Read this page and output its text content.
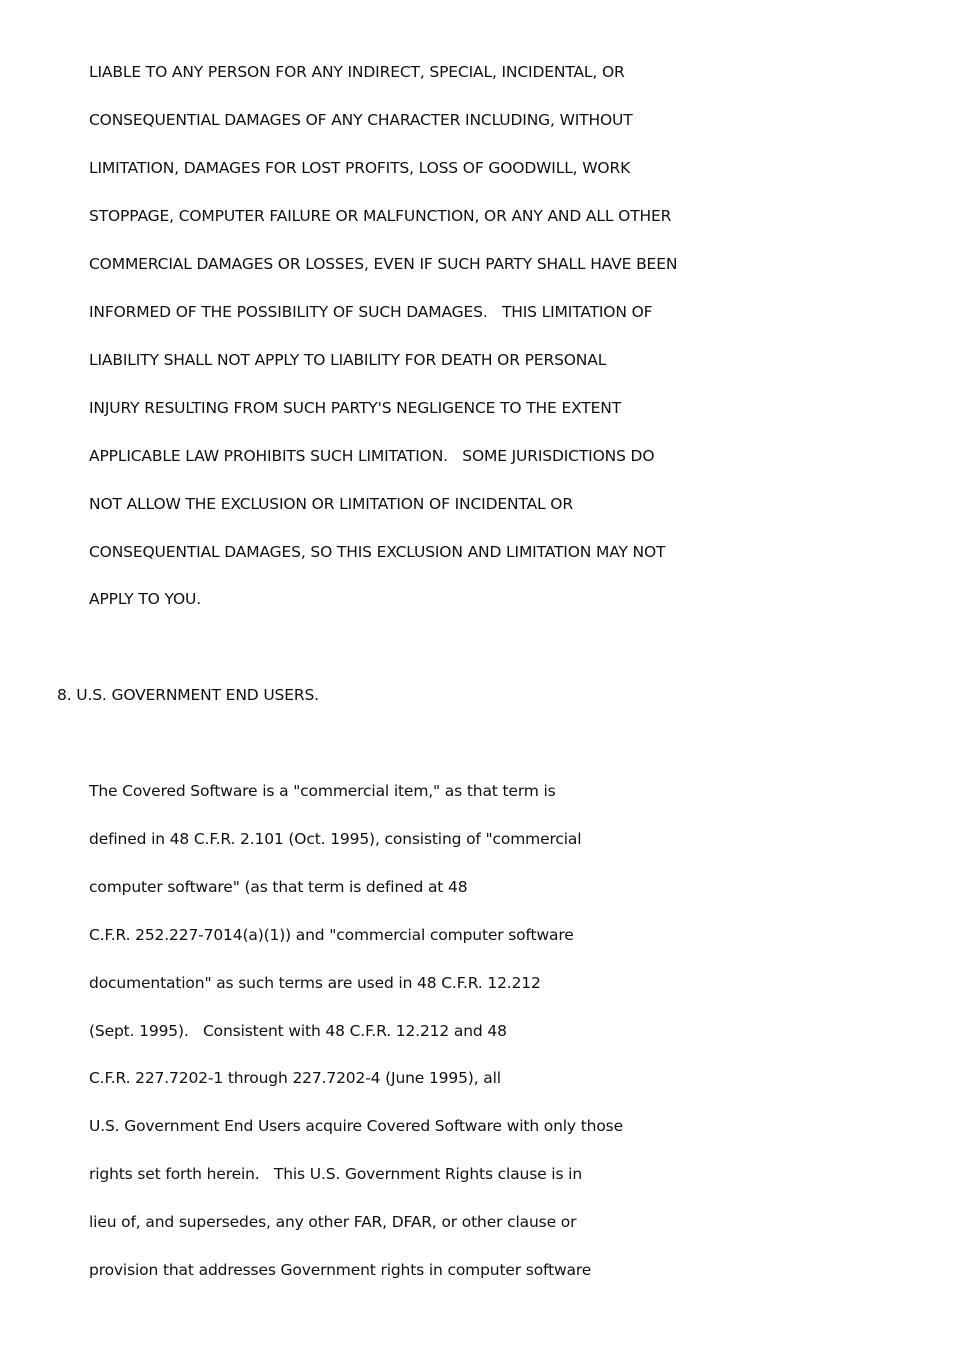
LIABLE TO ANY PERSON FOR ANY INDIRECT, SPECIAL, INCIDENTAL, OR
CONSEQUENTIAL DAMAGES OF ANY CHARACTER INCLUDING, WITHOUT
LIMITATION, DAMAGES FOR LOST PROFITS, LOSS OF GOODWILL, WORK
STOPPAGE, COMPUTER FAILURE OR MALFUNCTION, OR ANY AND ALL OTHER
COMMERCIAL DAMAGES OR LOSSES, EVEN IF SUCH PARTY SHALL HAVE BEEN
INFORMED OF THE POSSIBILITY OF SUCH DAMAGES.   THIS LIMITATION OF
LIABILITY SHALL NOT APPLY TO LIABILITY FOR DEATH OR PERSONAL
INJURY RESULTING FROM SUCH PARTY'S NEGLIGENCE TO THE EXTENT
APPLICABLE LAW PROHIBITS SUCH LIMITATION.   SOME JURISDICTIONS DO
NOT ALLOW THE EXCLUSION OR LIMITATION OF INCIDENTAL OR
CONSEQUENTIAL DAMAGES, SO THIS EXCLUSION AND LIMITATION MAY NOT
APPLY TO YOU.
8. U.S. GOVERNMENT END USERS.
The Covered Software is a "commercial item," as that term is
defined in 48 C.F.R. 2.101 (Oct. 1995), consisting of "commercial
computer software" (as that term is defined at 48
C.F.R. 252.227-7014(a)(1)) and "commercial computer software
documentation" as such terms are used in 48 C.F.R. 12.212
(Sept. 1995).   Consistent with 48 C.F.R. 12.212 and 48
C.F.R. 227.7202-1 through 227.7202-4 (June 1995), all
U.S. Government End Users acquire Covered Software with only those
rights set forth herein.   This U.S. Government Rights clause is in
lieu of, and supersedes, any other FAR, DFAR, or other clause or
provision that addresses Government rights in computer software
